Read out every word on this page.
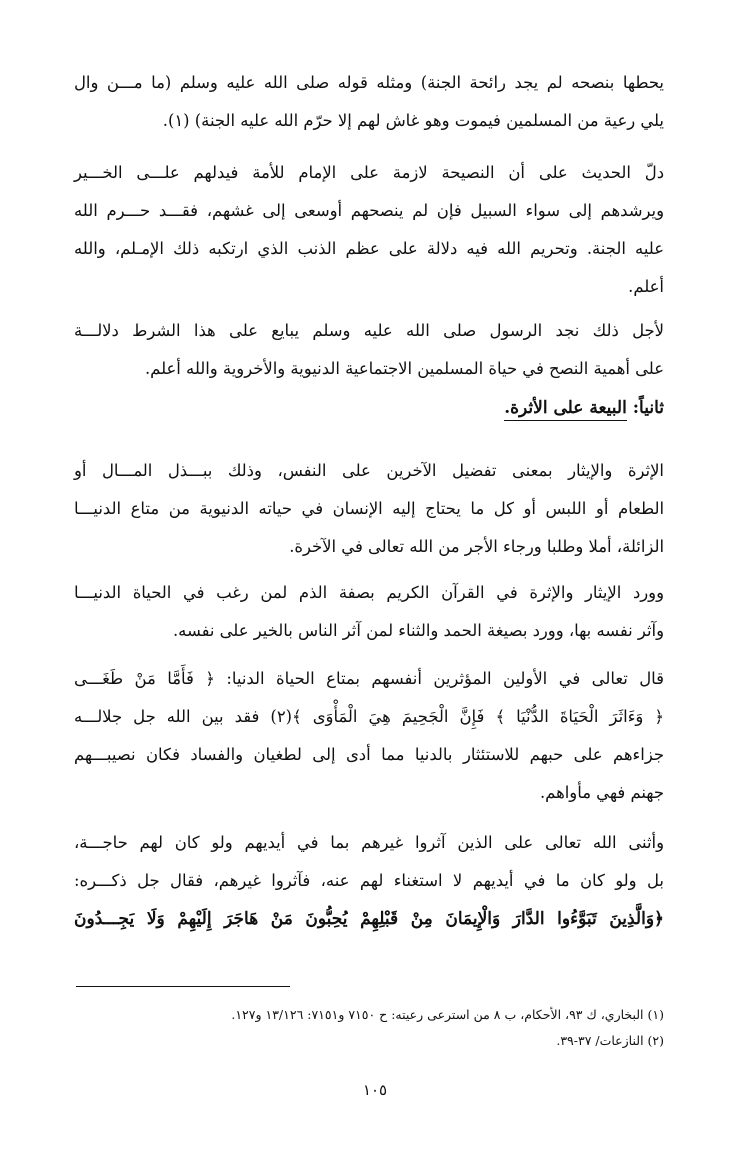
يحطها بنصحه لم يجد رائحة الجنة) ومثله قوله صلى الله عليه وسلم (ما مـــن وال
يلي رعية من المسلمين فيموت وهو غاش لهم إلا حرّم الله عليه الجنة) (١).
دلّ الحديث على أن النصيحة لازمة على الإمام للأمة فيدلهم علـــى الخـــير
ويرشدهم إلى سواء السبيل فإن لم ينصحهم أوسعى إلى غشهم، فقـــد حـــرم الله
عليه الجنة. وتحريم الله فيه دلالة على عظم الذنب الذي ارتكبه ذلك الإمـلم، والله
أعلم.
لأجل ذلك نجد الرسول صلى الله عليه وسلم يبايع على هذا الشرط دلالـــة
على أهمية النصح في حياة المسلمين الاجتماعية الدنيوية والأخروية والله أعلم.
ثانياً: البيعة على الأثرة.
الإثرة والإيثار بمعنى تفضيل الآخرين على النفس، وذلك ببـــذل المـــال أو
الطعام أو اللبس أو كل ما يحتاج إليه الإنسان في حياته الدنيوية من متاع الدنيـــا
الزائلة، أملا وطلبا ورجاء الأجر من الله تعالى في الآخرة.
وورد الإيثار والإثرة في القرآن الكريم بصفة الذم لمن رغب في الحياة الدنيـــا
وآثر نفسه بها، وورد بصيغة الحمد والثناء لمن آثر الناس بالخير على نفسه.
قال تعالى في الأولين المؤثرين أنفسهم بمتاع الحياة الدنيا: ﴿ فَأَمَّا مَنْ طَغَـــى
﴿ وَءَاثَرَ الْحَيَاةَ الدُّنْيَا ﴾ فَإِنَّ الْجَحِيمَ هِيَ الْمَأْوَى ﴾(٢) فقد بين الله جل جلالـــه
جزاءهم على حبهم للاستئثار بالدنيا مما أدى إلى لطغيان والفساد فكان نصيبـــهم
جهنم فهي مأواهم.
وأثنى الله تعالى على الذين آثروا غيرهم بما في أيديهم ولو كان لهم حاجـــة،
بل ولو كان ما في أيديهم لا استغناء لهم عنه، فآثروا غيرهم، فقال جل ذكـــره:
﴿وَالَّذِينَ تَبَوَّءُوا الدَّارَ وَالْإِيمَانَ مِنْ قَبْلِهِمْ يُحِبُّونَ مَنْ هَاجَرَ إِلَيْهِمْ وَلَا يَجِـــدُونَ
(١) البخاري، ك ٩٣، الأحكام، ب ٨ من استرعى رعيته: ح ٧١٥٠ و٧١٥١: ١٣/١٢٦ و١٢٧.
(٢) النازعات/ ٣٧-٣٩.
١٠٥
